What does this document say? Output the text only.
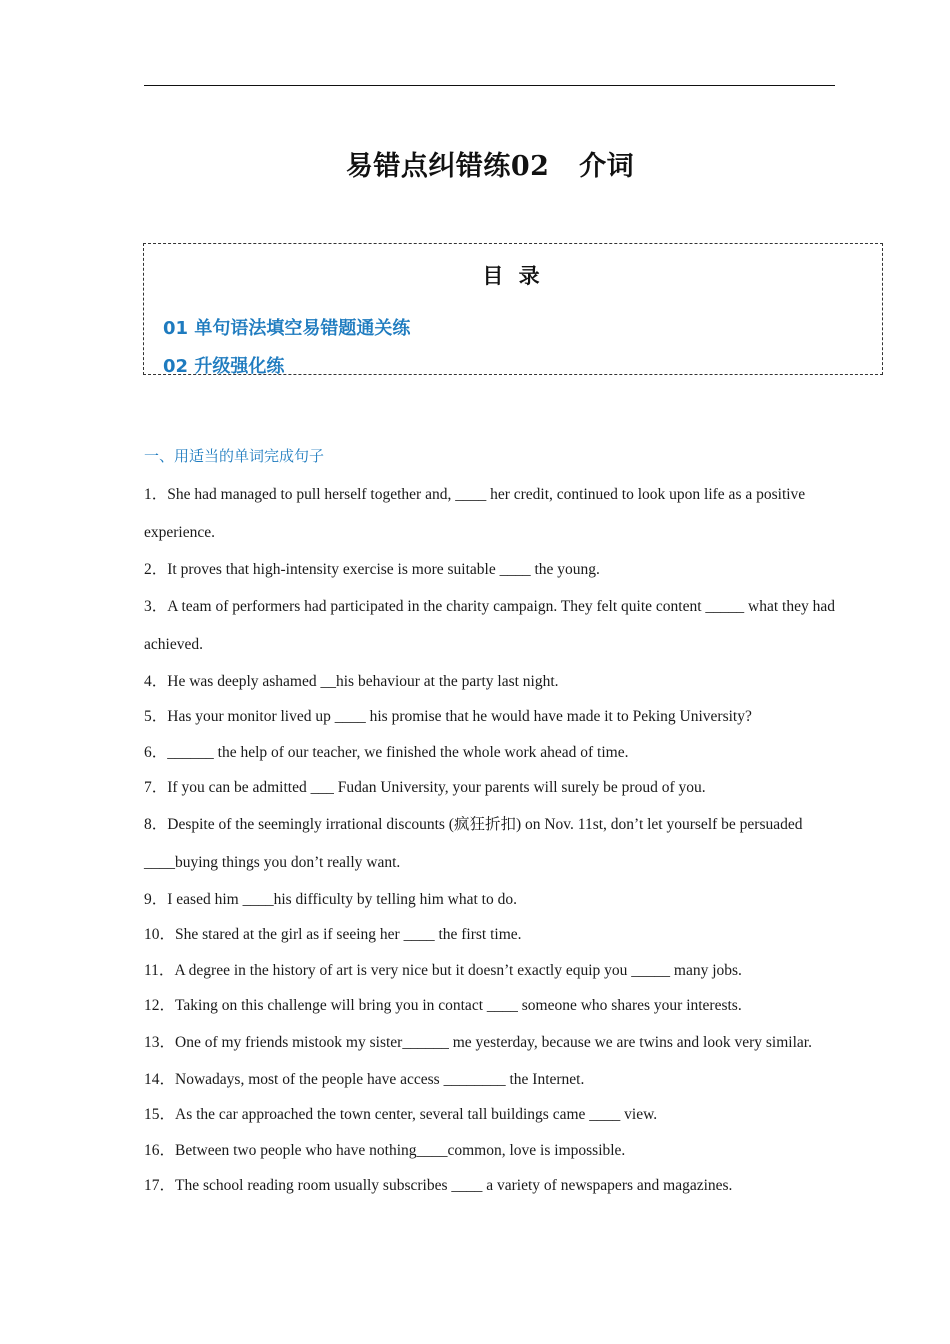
易错点纠错练02   介词
目 录
01 单句语法填空易错题通关练
02 升级强化练
一、用适当的单词完成句子
1．She had managed to pull herself together and, ____ her credit, continued to look upon life as a positive experience.
2．It proves that high-intensity exercise is more suitable ____ the young.
3．A team of performers had participated in the charity campaign. They felt quite content _____ what they had achieved.
4．He was deeply ashamed __his behaviour at the party last night.
5．Has your monitor lived up ____ his promise that he would have made it to Peking University?
6．______ the help of our teacher, we finished the whole work ahead of time.
7．If you can be admitted ___ Fudan University, your parents will surely be proud of you.
8．Despite of the seemingly irrational discounts (疯狂折扣) on Nov. 11st, don’t let yourself be persuaded ____buying things you don’t really want.
9．I eased him ____his difficulty by telling him what to do.
10．She stared at the girl as if seeing her ____ the first time.
11．A degree in the history of art is very nice but it doesn’t exactly equip you _____ many jobs.
12．Taking on this challenge will bring you in contact ____ someone who shares your interests.
13．One of my friends mistook my sister______ me yesterday, because we are twins and look very similar.
14．Nowadays, most of the people have access ________ the Internet.
15．As the car approached the town center, several tall buildings came ____ view.
16．Between two people who have nothing____common, love is impossible.
17．The school reading room usually subscribes ____ a variety of newspapers and magazines.
